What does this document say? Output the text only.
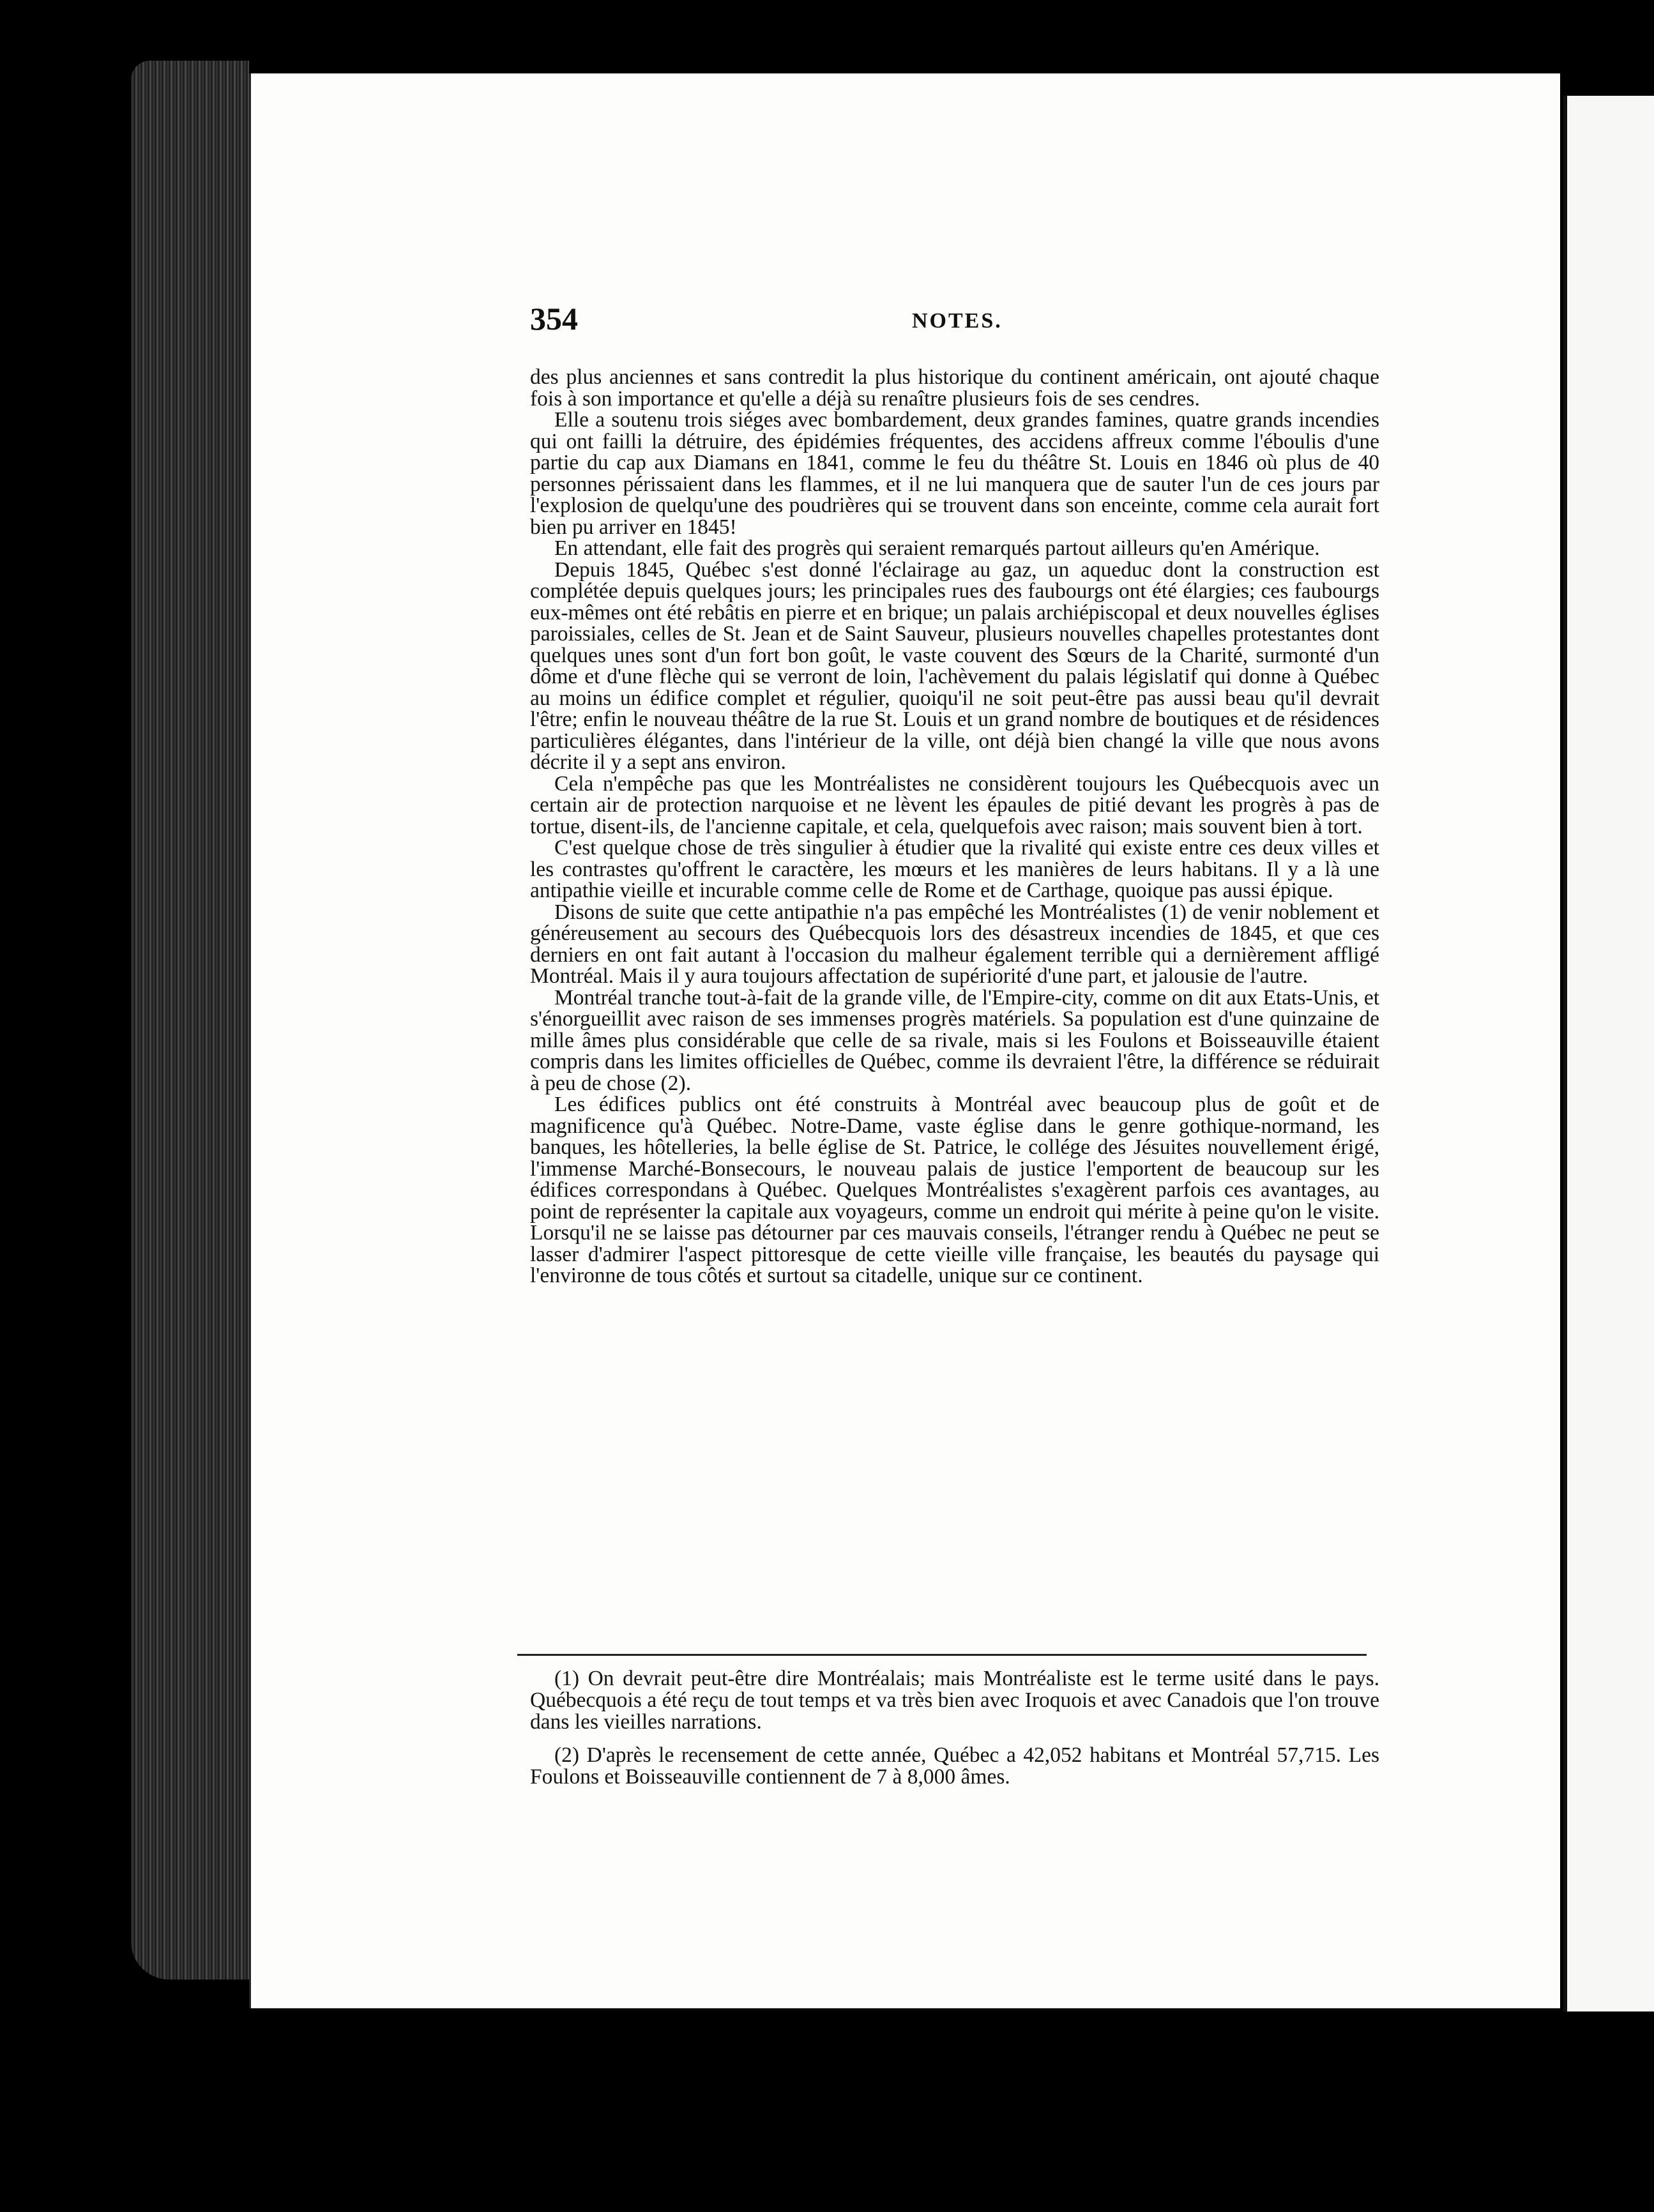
354	NOTES.

des plus anciennes et sans contredit la plus historique du continent américain, ont ajouté chaque fois à son importance et qu'elle a déjà su renaître plusieurs fois de ses cendres.

Elle a soutenu trois siéges avec bombardement, deux grandes famines, quatre grands incendies qui ont failli la détruire, des épidémies fréquentes, des accidens affreux comme l'éboulis d'une partie du cap aux Diamans en 1841, comme le feu du théâtre St. Louis en 1846 où plus de 40 personnes périssaient dans les flammes, et il ne lui manquera que de sauter l'un de ces jours par l'explosion de quelqu'une des poudrières qui se trouvent dans son enceinte, comme cela aurait fort bien pu arriver en 1845!

En attendant, elle fait des progrès qui seraient remarqués partout ailleurs qu'en Amérique.

Depuis 1845, Québec s'est donné l'éclairage au gaz, un aqueduc dont la construction est complétée depuis quelques jours; les principales rues des faubourgs ont été élargies; ces faubourgs eux-mêmes ont été rebâtis en pierre et en brique; un palais archiépiscopal et deux nouvelles églises paroissiales, celles de St. Jean et de Saint Sauveur, plusieurs nouvelles chapelles protestantes dont quelques unes sont d'un fort bon goût, le vaste couvent des Sœurs de la Charité, surmonté d'un dôme et d'une flèche qui se verront de loin, l'achèvement du palais législatif qui donne à Québec au moins un édifice complet et régulier, quoiqu'il ne soit peut-être pas aussi beau qu'il devrait l'être; enfin le nouveau théâtre de la rue St. Louis et un grand nombre de boutiques et de résidences particulières élégantes, dans l'intérieur de la ville, ont déjà bien changé la ville que nous avons décrite il y a sept ans environ.

Cela n'empêche pas que les Montréalistes ne considèrent toujours les Québecquois avec un certain air de protection narquoise et ne lèvent les épaules de pitié devant les progrès à pas de tortue, disent-ils, de l'ancienne capitale, et cela, quelquefois avec raison; mais souvent bien à tort.

C'est quelque chose de très singulier à étudier que la rivalité qui existe entre ces deux villes et les contrastes qu'offrent le caractère, les mœurs et les manières de leurs habitans. Il y a là une antipathie vieille et incurable comme celle de Rome et de Carthage, quoique pas aussi épique.

Disons de suite que cette antipathie n'a pas empêché les Montréalistes (1) de venir noblement et généreusement au secours des Québecquois lors des désastreux incendies de 1845, et que ces derniers en ont fait autant à l'occasion du malheur également terrible qui a dernièrement affligé Montréal. Mais il y aura toujours affectation de supériorité d'une part, et jalousie de l'autre.

Montréal tranche tout-à-fait de la grande ville, de l'Empire-city, comme on dit aux Etats-Unis, et s'énorgueillit avec raison de ses immenses progrès matériels. Sa population est d'une quinzaine de mille âmes plus considérable que celle de sa rivale, mais si les Foulons et Boisseauville étaient compris dans les limites officielles de Québec, comme ils devraient l'être, la différence se réduirait à peu de chose (2).

Les édifices publics ont été construits à Montréal avec beaucoup plus de goût et de magnificence qu'à Québec. Notre-Dame, vaste église dans le genre gothique-normand, les banques, les hôtelleries, la belle église de St. Patrice, le collége des Jésuites nouvellement érigé, l'immense Marché-Bonsecours, le nouveau palais de justice l'emportent de beaucoup sur les édifices correspondans à Québec. Quelques Montréalistes s'exagèrent parfois ces avantages, au point de représenter la capitale aux voyageurs, comme un endroit qui mérite à peine qu'on le visite. Lorsqu'il ne se laisse pas détourner par ces mauvais conseils, l'étranger rendu à Québec ne peut se lasser d'admirer l'aspect pittoresque de cette vieille ville française, les beautés du paysage qui l'environne de tous côtés et surtout sa citadelle, unique sur ce continent.

(1) On devrait peut-être dire Montréalais; mais Montréaliste est le terme usité dans le pays. Québecquois a été reçu de tout temps et va très bien avec Iroquois et avec Canadois que l'on trouve dans les vieilles narrations.

(2) D'après le recensement de cette année, Québec a 42,052 habitans et Montréal 57,715. Les Foulons et Boisseauville contiennent de 7 à 8,000 âmes.
